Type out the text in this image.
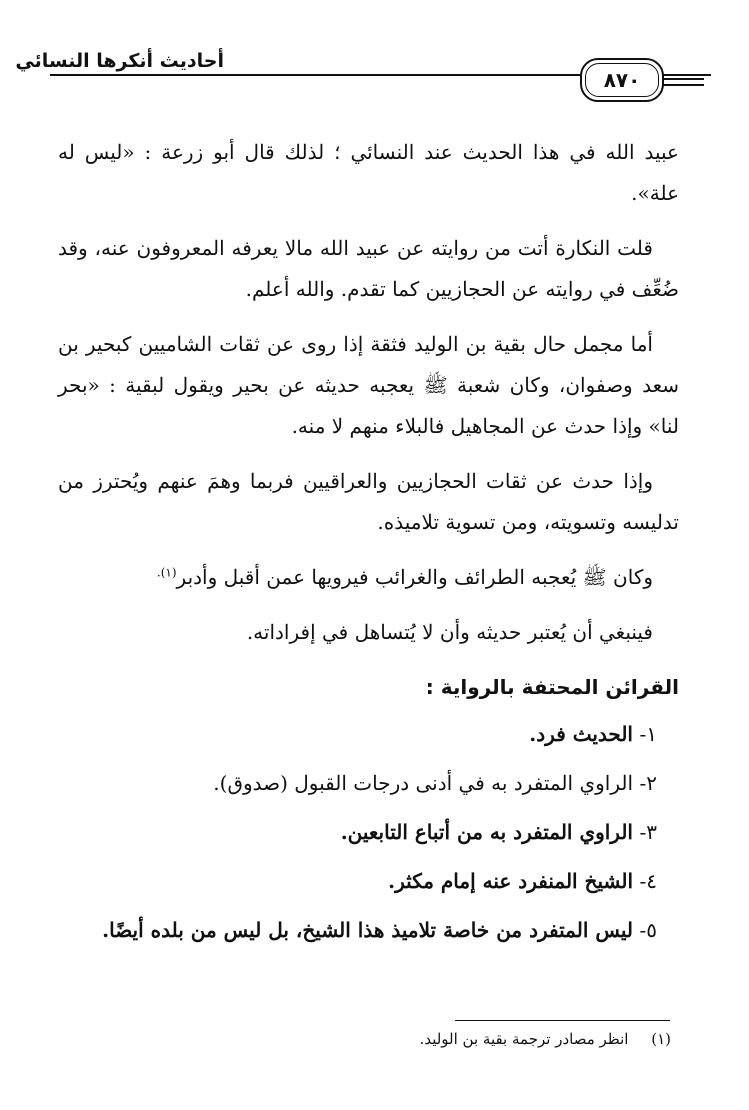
أحاديث أنكرها النسائي
٨٧٠

عبيد الله في هذا الحديث عند النسائي ؛ لذلك قال أبو زرعة : «ليس له علة».

قلت النكارة أتت من روايته عن عبيد الله مالا يعرفه المعروفون عنه، وقد ضُعِّف في روايته عن الحجازيين كما تقدم. والله أعلم.

أما مجمل حال بقية بن الوليد فثقة إذا روى عن ثقات الشاميين كبحير بن سعد وصفوان، وكان شعبة ﷺ يعجبه حديثه عن بحير ويقول لبقية : «بحر لنا» وإذا حدث عن المجاهيل فالبلاء منهم لا منه.

وإذا حدث عن ثقات الحجازيين والعراقيين فربما وهمَ عنهم ويُحترز من تدليسه وتسويته، ومن تسوية تلاميذه.

وكان ﷺ يُعجبه الطرائف والغرائب فيرويها عمن أقبل وأدبر$^{(١).}$

فينبغي أن يُعتبر حديثه وأن لا يُتساهل في إفراداته.

القرائن المحتفة بالرواية :
١-
الحديث فرد.
٢-
الراوي المتفرد به في أدنى درجات القبول (صدوق).
٣-
الراوي المتفرد به من أتباع التابعين.
٤-
الشيخ المنفرد عنه إمام مكثر.
٥-
ليس المتفرد من خاصة تلاميذ هذا الشيخ، بل ليس من بلده أيضًا.
(١) انظر مصادر ترجمة بقية بن الوليد.
